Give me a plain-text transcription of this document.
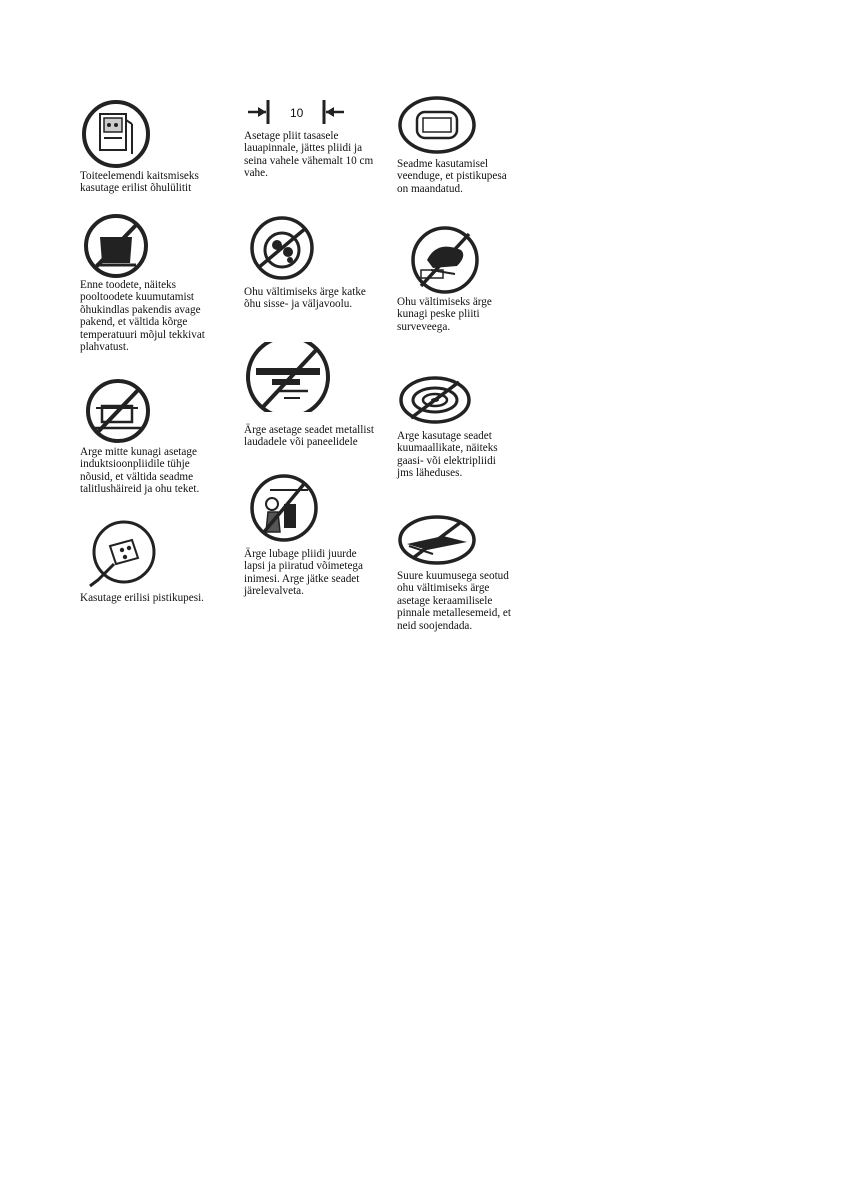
Toiteelemendi kaitsmiseks
kasutage erilist õhulülitit

Enne toodete, näiteks
pooltoodete kuumutamist
õhukindlas pakendis avage
pakend, et vältida kõrge
temperatuuri mõjul tekkivat
plahvatust.

Arge mitte kunagi asetage
induktsioonpliidile tühje
nõusid, et vältida seadme
talitlushäireid ja ohu teket.

Kasutage erilisi pistikupesi.

10

Asetage pliit tasasele
lauapinnale, jättes pliidi ja
seina vahele vähemalt 10 cm
vahe.

Ohu vältimiseks ärge katke
õhu sisse- ja väljavoolu.

Ärge asetage seadet metallist
laudadele või paneelidele

Ärge lubage pliidi juurde
lapsi ja piiratud võimetega
inimesi. Arge jätke seadet
järelevalveta.

Seadme kasutamisel
veenduge, et pistikupesa
on maandatud.

Ohu vältimiseks ärge
kunagi peske pliiti
surveveega.

Arge kasutage seadet
kuumaallikate, näiteks
gaasi- või elektripliidi
jms läheduses.

Suure kuumusega seotud
ohu vältimiseks ärge
asetage keraamilisele
pinnale metallesemeid, et
neid soojendada.
